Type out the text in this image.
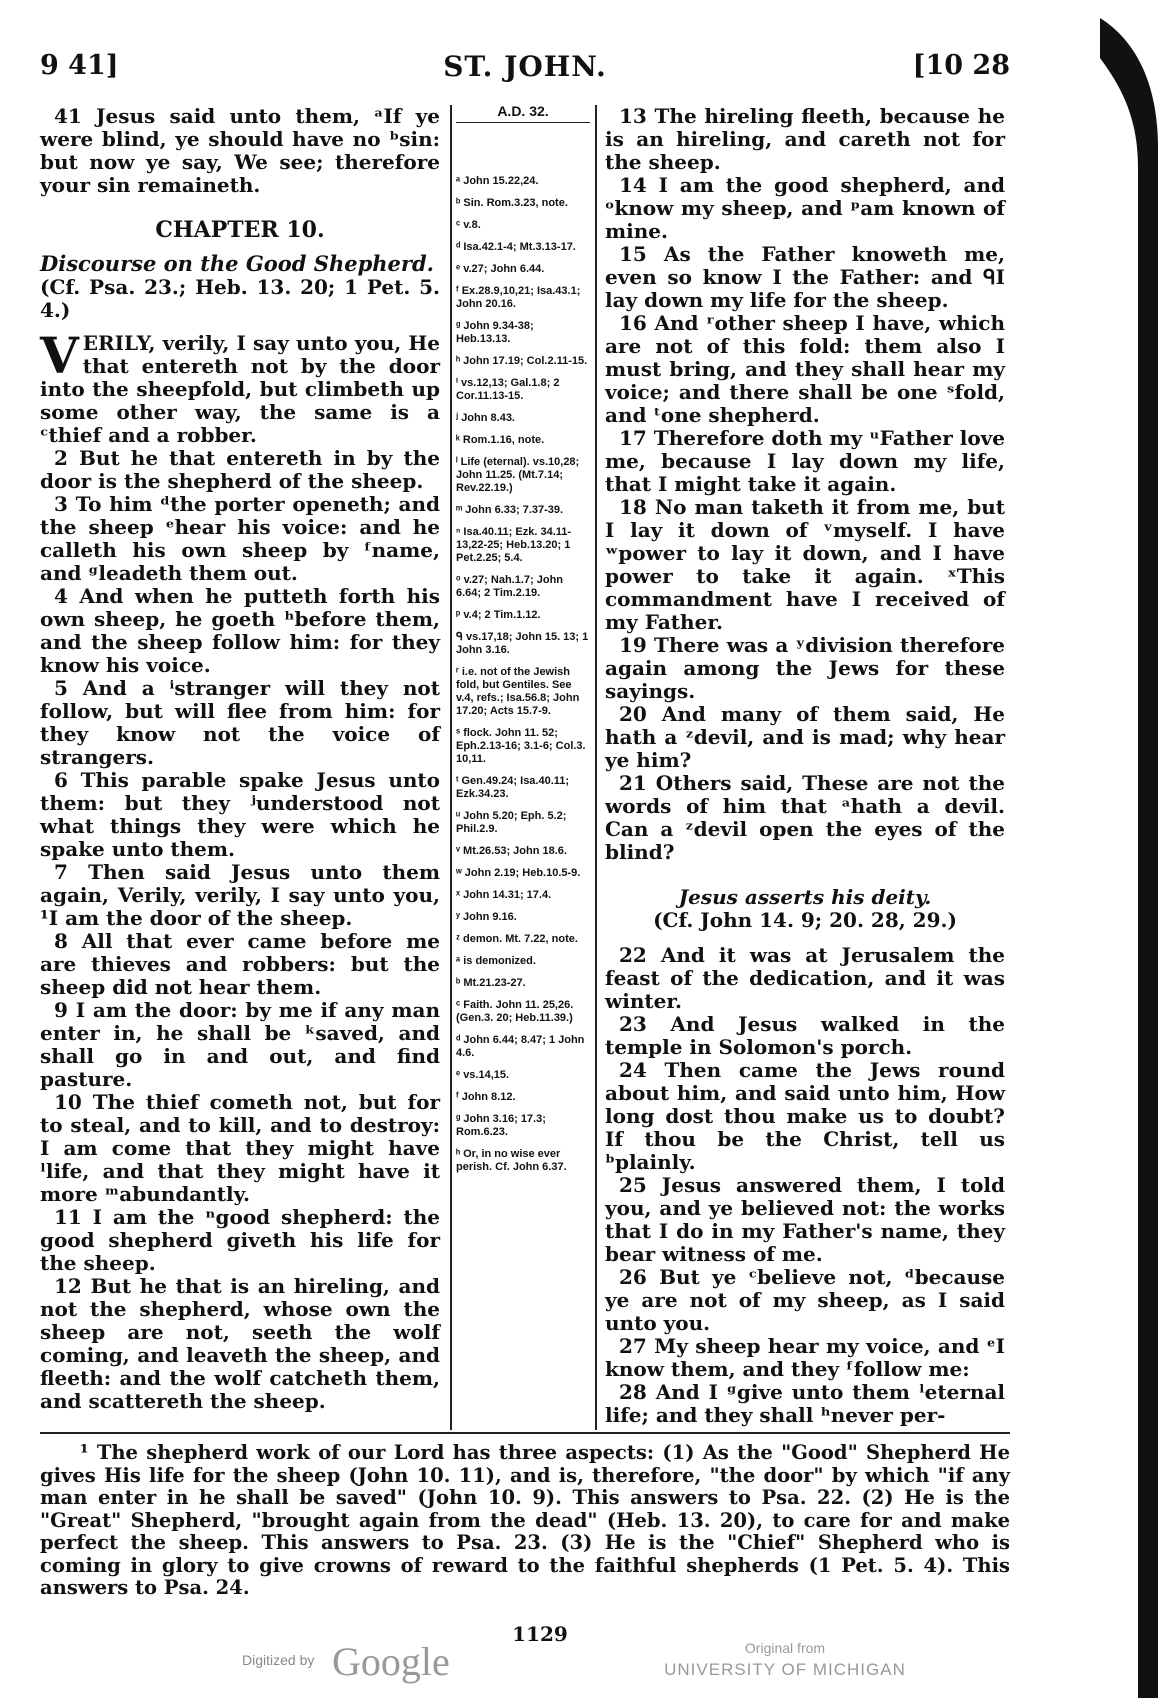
9 41]	ST. JOHN.	[10 28

41 Jesus said unto them, ᵃIf ye were blind, ye should have no ᵇsin: but now ye say, We see; therefore your sin remaineth.

CHAPTER 10.

Discourse on the Good Shepherd.

(Cf. Psa. 23.; Heb. 13. 20; 1 Pet. 5. 4.)

VERILY, verily, I say unto you, He that entereth not by the door into the sheepfold, but climbeth up some other way, the same is a ᶜthief and a robber.

2 But he that entereth in by the door is the shepherd of the sheep.

3 To him ᵈthe porter openeth; and the sheep ᵉhear his voice: and he calleth his own sheep by ᶠname, and ᵍleadeth them out.

4 And when he putteth forth his own sheep, he goeth ʰbefore them, and the sheep follow him: for they know his voice.

5 And a ⁱstranger will they not follow, but will flee from him: for they know not the voice of strangers.

6 This parable spake Jesus unto them: but they ʲunderstood not what things they were which he spake unto them.

7 Then said Jesus unto them again, Verily, verily, I say unto you, ¹I am the door of the sheep.

8 All that ever came before me are thieves and robbers: but the sheep did not hear them.

9 I am the door: by me if any man enter in, he shall be ᵏsaved, and shall go in and out, and find pasture.

10 The thief cometh not, but for to steal, and to kill, and to destroy: I am come that they might have ˡlife, and that they might have it more ᵐabundantly.

11 I am the ⁿgood shepherd: the good shepherd giveth his life for the sheep.

12 But he that is an hireling, and not the shepherd, whose own the sheep are not, seeth the wolf coming, and leaveth the sheep, and fleeth: and the wolf catcheth them, and scattereth the sheep.

A.D. 32.

ᵃ John 15.22,24.

ᵇ Sin. Rom.3.23, note.

ᶜ v.8.

ᵈ Isa.42.1-4; Mt.3.13-17.

ᵉ v.27; John 6.44.

ᶠ Ex.28.9,10,21; Isa.43.1; John 20.16.

ᵍ John 9.34-38; Heb.13.13.

ʰ John 17.19; Col.2.11-15.

ⁱ vs.12,13; Gal.1.8; 2 Cor.11.13-15.

ʲ John 8.43.

ᵏ Rom.1.16, note.

ˡ Life (eternal). vs.10,28; John 11.25. (Mt.7.14; Rev.22.19.)

ᵐ John 6.33; 7.37-39.

ⁿ Isa.40.11; Ezk. 34.11-13,22-25; Heb.13.20; 1 Pet.2.25; 5.4.

ᵒ v.27; Nah.1.7; John 6.64; 2 Tim.2.19.

ᵖ v.4; 2 Tim.1.12.

ᑫ vs.17,18; John 15. 13; 1 John 3.16.

ʳ i.e. not of the Jewish fold, but Gentiles. See v.4, refs.; Isa.56.8; John 17.20; Acts 15.7-9.

ˢ flock. John 11. 52; Eph.2.13-16; 3.1-6; Col.3. 10,11.

ᵗ Gen.49.24; Isa.40.11; Ezk.34.23.

ᵘ John 5.20; Eph. 5.2; Phil.2.9.

ᵛ Mt.26.53; John 18.6.

ʷ John 2.19; Heb.10.5-9.

ˣ John 14.31; 17.4.

ʸ John 9.16.

ᶻ demon. Mt. 7.22, note.

ᵃ is demonized.

ᵇ Mt.21.23-27.

ᶜ Faith. John 11. 25,26. (Gen.3. 20; Heb.11.39.)

ᵈ John 6.44; 8.47; 1 John 4.6.

ᵉ vs.14,15.

ᶠ John 8.12.

ᵍ John 3.16; 17.3; Rom.6.23.

ʰ Or, in no wise ever perish. Cf. John 6.37.

13 The hireling fleeth, because he is an hireling, and careth not for the sheep.

14 I am the good shepherd, and ᵒknow my sheep, and ᵖam known of mine.

15 As the Father knoweth me, even so know I the Father: and ᑫI lay down my life for the sheep.

16 And ʳother sheep I have, which are not of this fold: them also I must bring, and they shall hear my voice; and there shall be one ˢfold, and ᵗone shepherd.

17 Therefore doth my ᵘFather love me, because I lay down my life, that I might take it again.

18 No man taketh it from me, but I lay it down of ᵛmyself. I have ʷpower to lay it down, and I have power to take it again. ˣThis commandment have I received of my Father.

19 There was a ʸdivision therefore again among the Jews for these sayings.

20 And many of them said, He hath a ᶻdevil, and is mad; why hear ye him?

21 Others said, These are not the words of him that ᵃhath a devil. Can a ᶻdevil open the eyes of the blind?

Jesus asserts his deity.

(Cf. John 14. 9; 20. 28, 29.)

22 And it was at Jerusalem the feast of the dedication, and it was winter.

23 And Jesus walked in the temple in Solomon's porch.

24 Then came the Jews round about him, and said unto him, How long dost thou make us to doubt? If thou be the Christ, tell us ᵇplainly.

25 Jesus answered them, I told you, and ye believed not: the works that I do in my Father's name, they bear witness of me.

26 But ye ᶜbelieve not, ᵈbecause ye are not of my sheep, as I said unto you.

27 My sheep hear my voice, and ᵉI know them, and they ᶠfollow me:

28 And I ᵍgive unto them ˡeternal life; and they shall ʰnever per-

¹ The shepherd work of our Lord has three aspects: (1) As the "Good" Shepherd He gives His life for the sheep (John 10. 11), and is, therefore, "the door" by which "if any man enter in he shall be saved" (John 10. 9). This answers to Psa. 22. (2) He is the "Great" Shepherd, "brought again from the dead" (Heb. 13. 20), to care for and make perfect the sheep. This answers to Psa. 23. (3) He is the "Chief" Shepherd who is coming in glory to give crowns of reward to the faithful shepherds (1 Pet. 5. 4). This answers to Psa. 24.

1129
Digitized by Google	Original from
UNIVERSITY OF MICHIGAN
